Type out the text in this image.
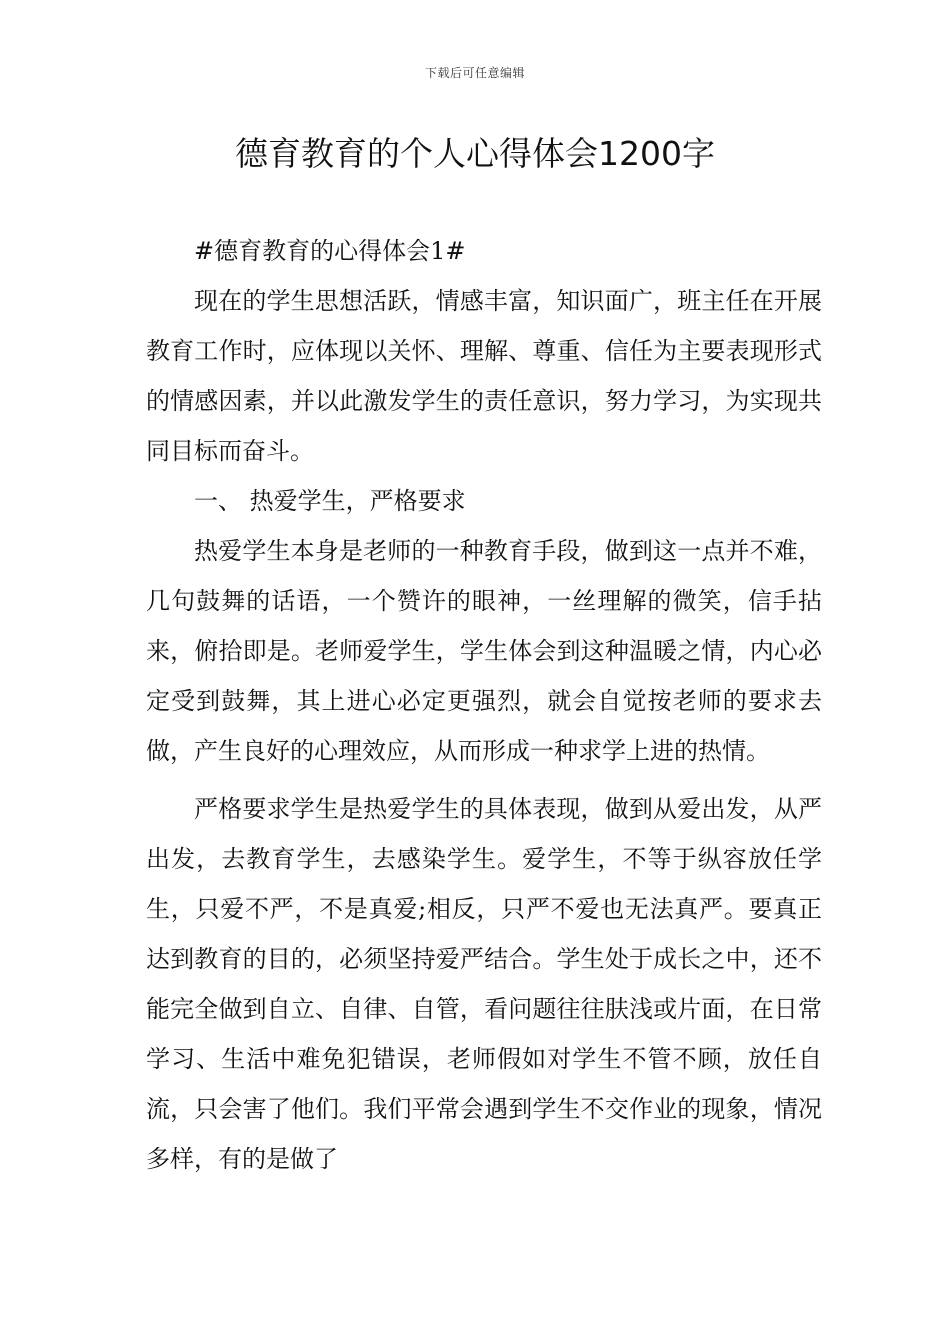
下载后可任意编辑
德育教育的个人心得体会1200字

#德育教育的心得体会1#

现在的学生思想活跃，情感丰富，知识面广，班主任在开展教育工作时，应体现以关怀、理解、尊重、信任为主要表现形式的情感因素，并以此激发学生的责任意识，努力学习，为实现共同目标而奋斗。

一、 热爱学生，严格要求

热爱学生本身是老师的一种教育手段，做到这一点并不难，几句鼓舞的话语，一个赞许的眼神，一丝理解的微笑，信手拈来，俯拾即是。老师爱学生，学生体会到这种温暖之情，内心必定受到鼓舞，其上进心必定更强烈，就会自觉按老师的要求去做，产生良好的心理效应，从而形成一种求学上进的热情。

严格要求学生是热爱学生的具体表现，做到从爱出发，从严出发，去教育学生，去感染学生。爱学生，不等于纵容放任学生，只爱不严，不是真爱;相反，只严不爱也无法真严。要真正达到教育的目的，必须坚持爱严结合。学生处于成长之中，还不能完全做到自立、自律、自管，看问题往往肤浅或片面，在日常学习、生活中难免犯错误，老师假如对学生不管不顾，放任自流，只会害了他们。我们平常会遇到学生不交作业的现象，情况多样，有的是做了
